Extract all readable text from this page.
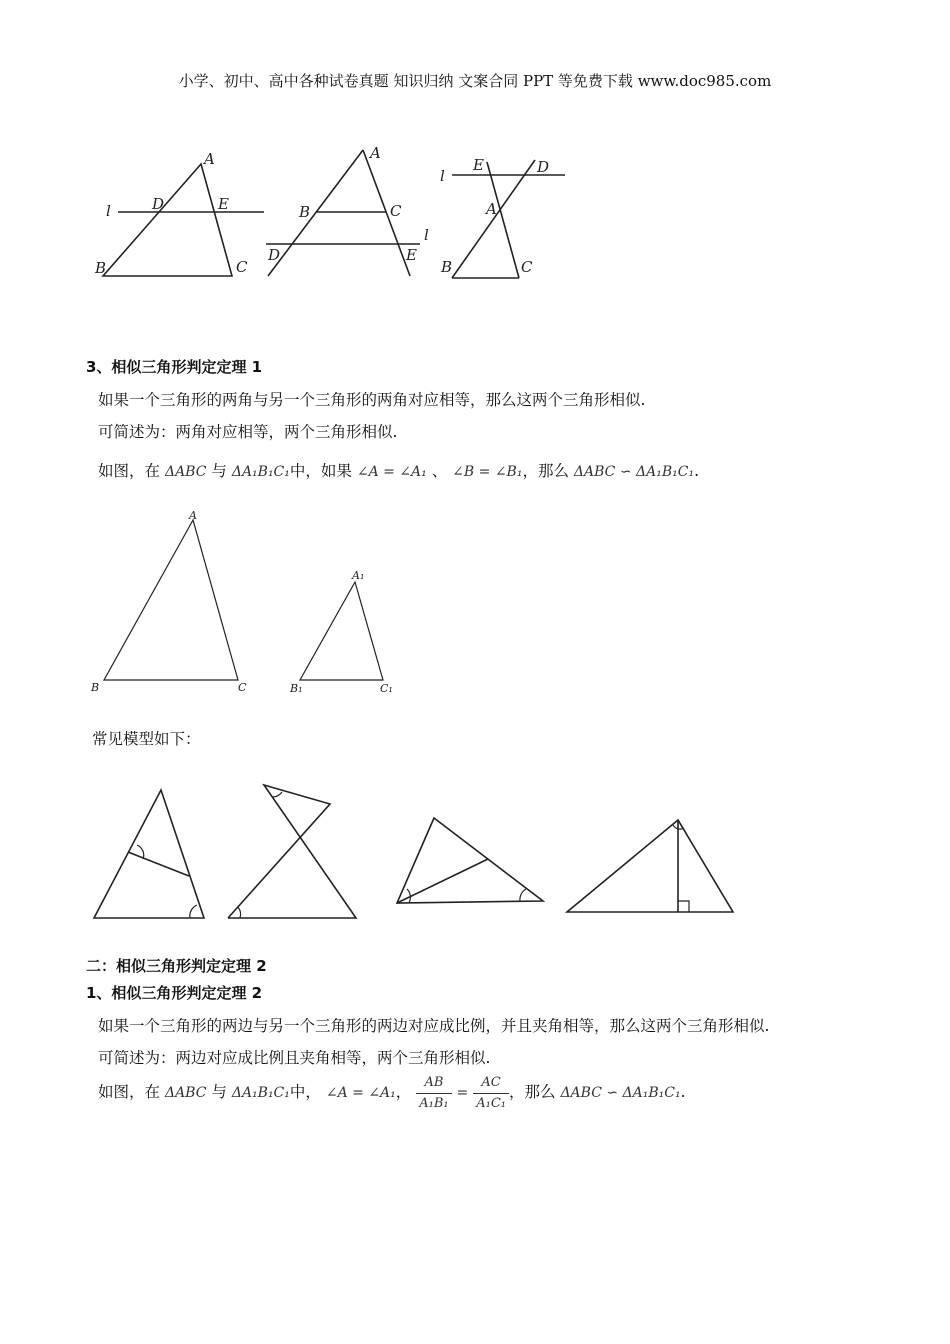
小学、初中、高中各种试卷真题 知识归纳 文案合同 PPT 等免费下载 www.doc985.com
A
B	C
D	E
l
A
B	C
D	E
l
A
B	C
D
E
l
3、相似三角形判定定理 1
如果一个三角形的两角与另一个三角形的两角对应相等，那么这两个三角形相似.
可简述为：两角对应相等，两个三角形相似.
如图，在 ΔABC 与 ΔA₁B₁C₁中，如果 ∠A = ∠A₁ 、 ∠B = ∠B₁，那么 ΔABC ∽ ΔA₁B₁C₁.
A
B	C
A₁
B₁	C₁
常见模型如下：
二：相似三角形判定定理 2
1、相似三角形判定定理 2
如果一个三角形的两边与另一个三角形的两边对应成比例，并且夹角相等，那么这两个三角形相似.
可简述为：两边对应成比例且夹角相等，两个三角形相似.
如图，在 ΔABC 与 ΔA₁B₁C₁中， ∠A = ∠A₁， $\frac{AB}{\text{A₁B₁}} = \frac{AC}{\text{A₁C₁}}$ ，那么 ΔABC ∽ ΔA₁B₁C₁.
